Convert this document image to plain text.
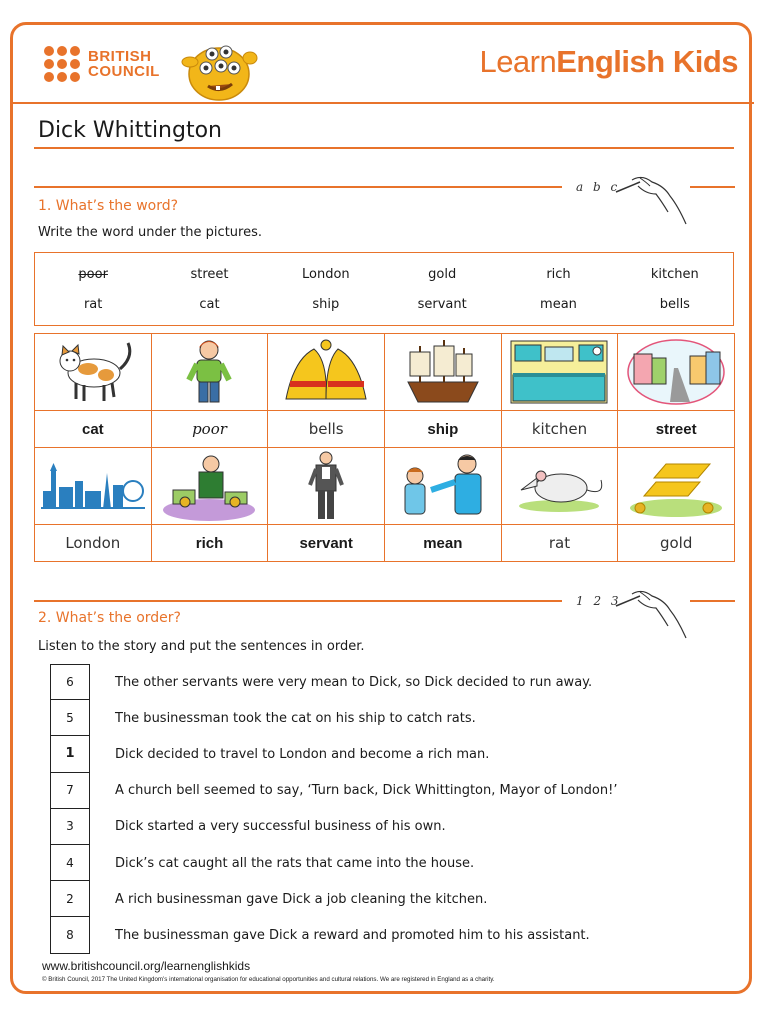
BRITISH
COUNCIL	LearnEnglish Kids
Dick Whittington
a b c
1. What’s the word?
Write the word under the pictures.
poor	street	London	gold	rich	kitchen
rat	cat	ship	servant	mean	bells
cat	poor	bells	ship	kitchen	street
London	rich	servant	mean	rat	gold
1 2 3
2. What’s the order?
Listen to the story and put the sentences in order.
6	The other servants were very mean to Dick, so Dick decided to run away.
5	The businessman took the cat on his ship to catch rats.
1	Dick decided to travel to London and become a rich man.
7	A church bell seemed to say, ‘Turn back, Dick Whittington, Mayor of London!’
3	Dick started a very successful business of his own.
4	Dick’s cat caught all the rats that came into the house.
2	A rich businessman gave Dick a job cleaning the kitchen.
8	The businessman gave Dick a reward and promoted him to his assistant.
www.britishcouncil.org/learnenglishkids
© British Council, 2017 The United Kingdom’s international organisation for educational opportunities and cultural relations. We are registered in England as a charity.
